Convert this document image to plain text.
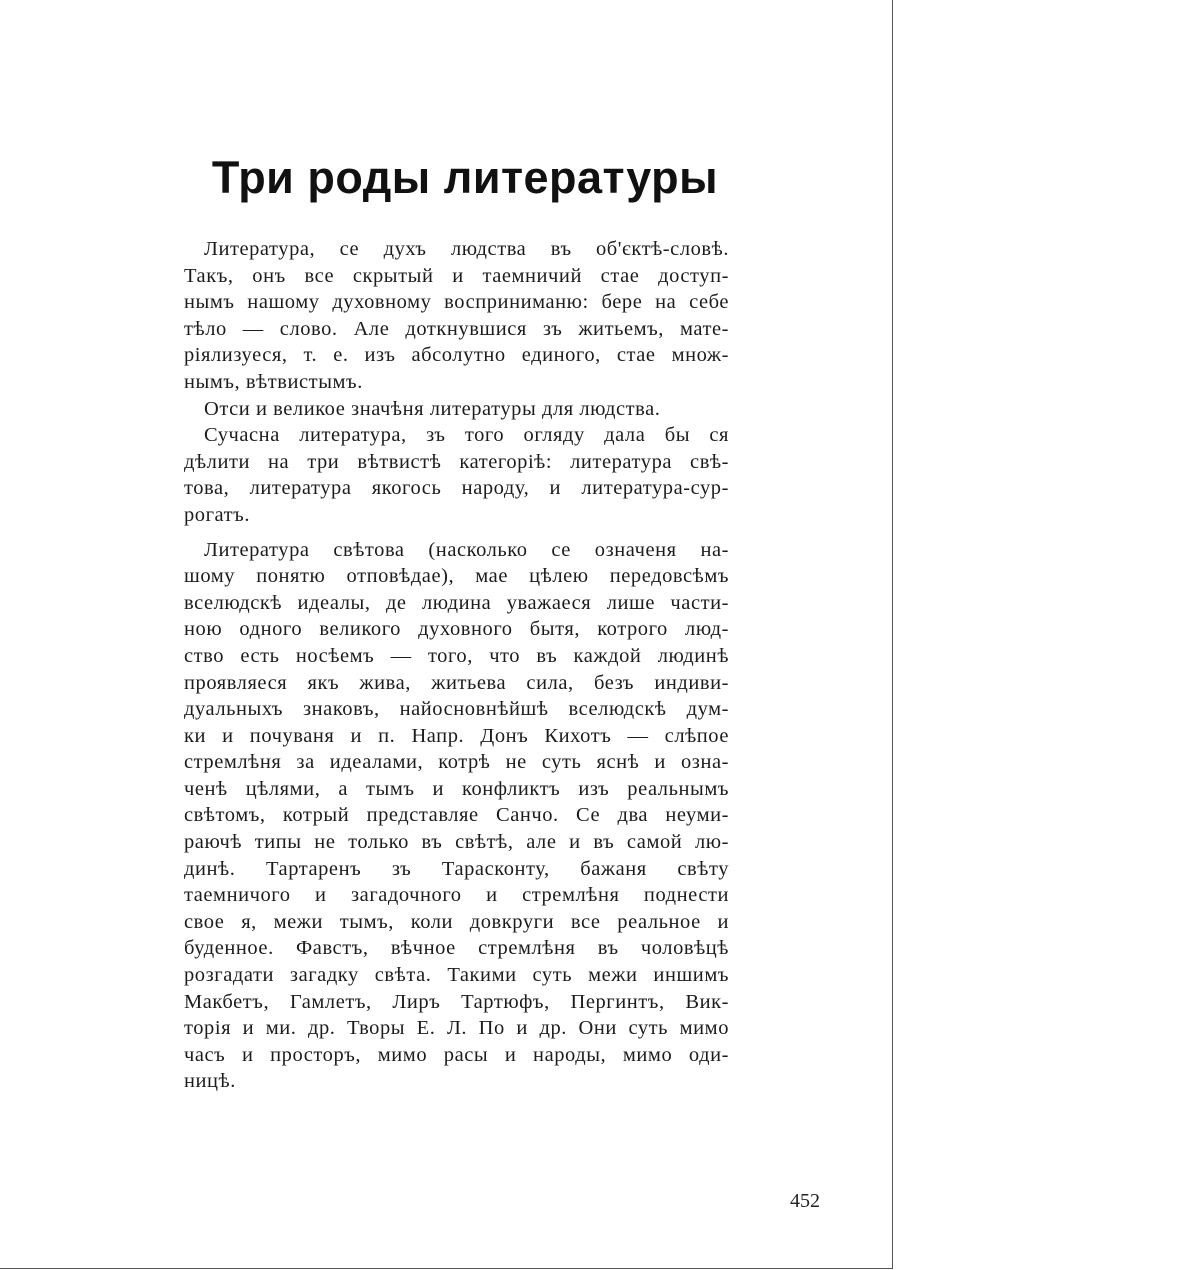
Три роды литературы

Литература, се духъ людства въ об'єктѣ-словѣ.
Такъ, онъ все скрытый и таемничий стае доступ-
нымъ нашому духовному восприниманю: бере на себе
тѣло — слово. Але доткнувшися зъ житьемъ, мате-
ріялизуеся, т. е. изъ абсолутно единого, стае множ-
нымъ, вѣтвистымъ.

Отси и великое значѣня литературы для людства.

Сучасна литература, зъ того огляду дала бы ся
дѣлити на три вѣтвистѣ категоріѣ: литература свѣ-
това, литература якогось народу, и литература-сур-
рогатъ.

Литература свѣтова (насколько се означеня на-
шому понятю отповѣдае), мае цѣлею передовсѣмъ
вселюдскѣ идеалы, де людина уважаеся лише части-
ною одного великого духовного бытя, котрого люд-
ство есть носѣемъ — того, что въ каждой людинѣ
проявляеся якъ жива, житьева сила, безъ индиви-
дуальныхъ знаковъ, найосновнѣйшѣ вселюдскѣ дум-
ки и почуваня и п. Напр. Донъ Кихотъ — слѣпое
стремлѣня за идеалами, котрѣ не суть яснѣ и озна-
ченѣ цѣлями, а тымъ и конфликтъ изъ реальнымъ
свѣтомъ, котрый представляе Санчо. Се два неуми-
раючѣ типы не только въ свѣтѣ, але и въ самой лю-
динѣ. Тартаренъ зъ Тарасконту, бажаня свѣту
таемничого и загадочного и стремлѣня поднести
свое я, межи тымъ, коли довкруги все реальное и
буденное. Фавстъ, вѣчное стремлѣня въ чоловѣцѣ
розгадати загадку свѣта. Такими суть межи иншимъ
Макбетъ, Гамлетъ, Лиръ Тартюфъ, Пергинтъ, Вик-
торія и ми. др. Творы Е. Л. По и др. Они суть мимо
часъ и просторъ, мимо расы и народы, мимо оди-
ницѣ.

452
